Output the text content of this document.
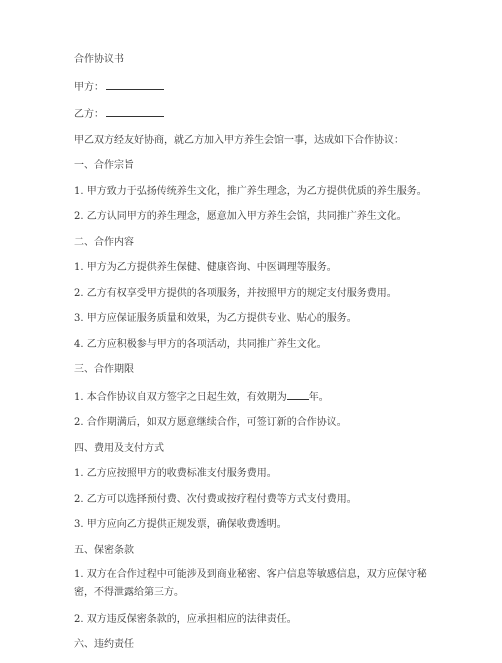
合作协议书
甲方：
乙方：
甲乙双方经友好协商，就乙方加入甲方养生会馆一事，达成如下合作协议：
一、合作宗旨
1. 甲方致力于弘扬传统养生文化，推广养生理念，为乙方提供优质的养生服务。
2. 乙方认同甲方的养生理念，愿意加入甲方养生会馆，共同推广养生文化。
二、合作内容
1. 甲方为乙方提供养生保健、健康咨询、中医调理等服务。
2. 乙方有权享受甲方提供的各项服务，并按照甲方的规定支付服务费用。
3. 甲方应保证服务质量和效果，为乙方提供专业、贴心的服务。
4. 乙方应积极参与甲方的各项活动，共同推广养生文化。
三、合作期限
1. 本合作协议自双方签字之日起生效，有效期为 年。
2. 合作期满后，如双方愿意继续合作，可签订新的合作协议。
四、费用及支付方式
1. 乙方应按照甲方的收费标准支付服务费用。
2. 乙方可以选择预付费、次付费或按疗程付费等方式支付费用。
3. 甲方应向乙方提供正规发票，确保收费透明。
五、保密条款
1. 双方在合作过程中可能涉及到商业秘密、客户信息等敏感信息，双方应保守秘密，不得泄露给第三方。
2. 双方违反保密条款的，应承担相应的法律责任。
六、违约责任
